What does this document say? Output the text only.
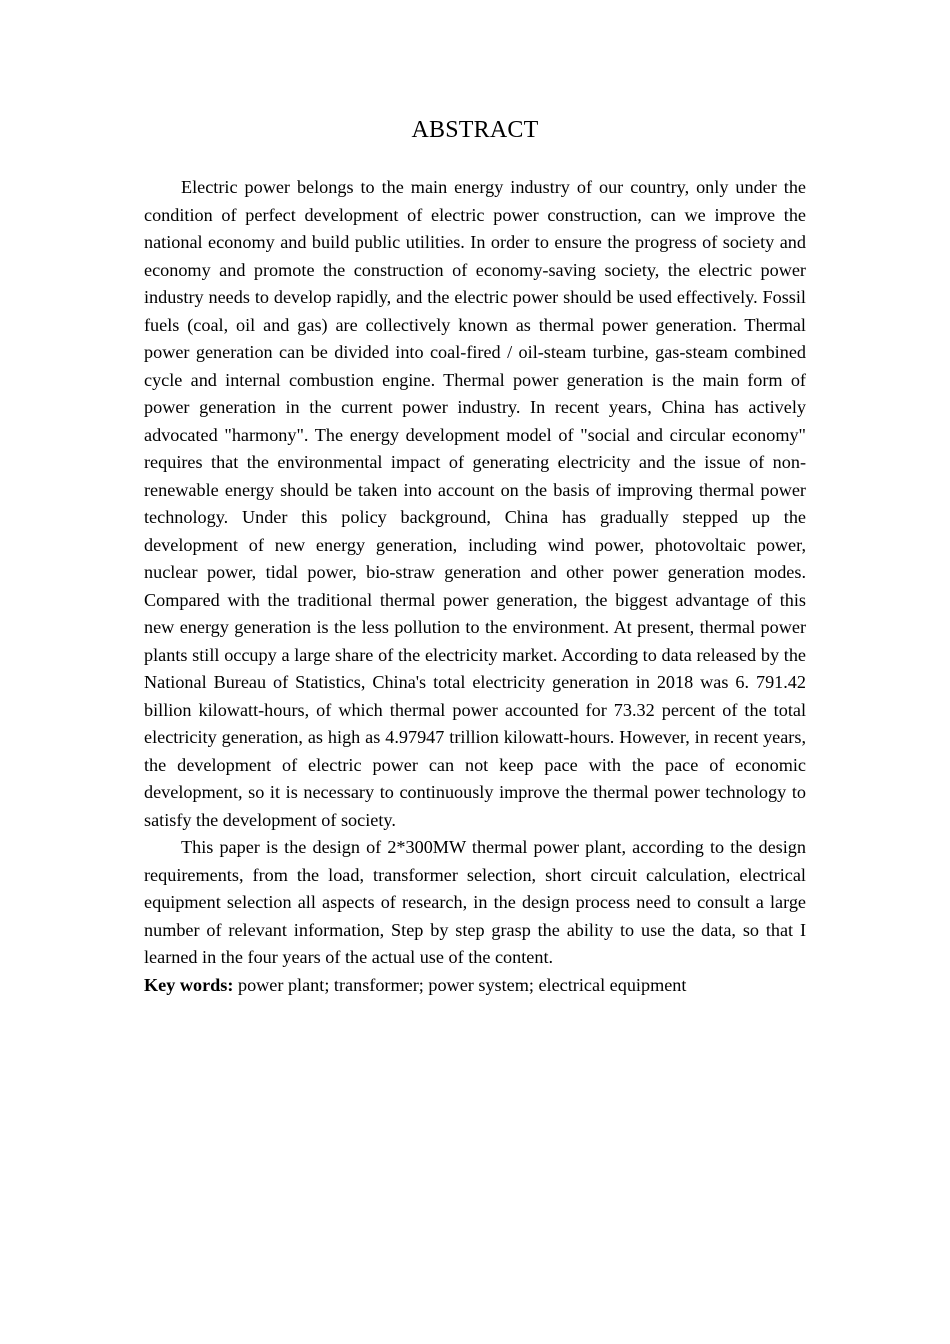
ABSTRACT

Electric power belongs to the main energy industry of our country, only under the condition of perfect development of electric power construction, can we improve the national economy and build public utilities. In order to ensure the progress of society and economy and promote the construction of economy-saving society, the electric power industry needs to develop rapidly, and the electric power should be used effectively. Fossil fuels (coal, oil and gas) are collectively known as thermal power generation. Thermal power generation can be divided into coal-fired / oil-steam turbine, gas-steam combined cycle and internal combustion engine. Thermal power generation is the main form of power generation in the current power industry. In recent years, China has actively advocated "harmony". The energy development model of "social and circular economy" requires that the environmental impact of generating electricity and the issue of non-renewable energy should be taken into account on the basis of improving thermal power technology. Under this policy background, China has gradually stepped up the development of new energy generation, including wind power, photovoltaic power, nuclear power, tidal power, bio-straw generation and other power generation modes. Compared with the traditional thermal power generation, the biggest advantage of this new energy generation is the less pollution to the environment. At present, thermal power plants still occupy a large share of the electricity market. According to data released by the National Bureau of Statistics, China's total electricity generation in 2018 was 6. 791.42 billion kilowatt-hours, of which thermal power accounted for 73.32 percent of the total electricity generation, as high as 4.97947 trillion kilowatt-hours. However, in recent years, the development of electric power can not keep pace with the pace of economic development, so it is necessary to continuously improve the thermal power technology to satisfy the development of society.

This paper is the design of 2*300MW thermal power plant, according to the design requirements, from the load, transformer selection, short circuit calculation, electrical equipment selection all aspects of research, in the design process need to consult a large number of relevant information, Step by step grasp the ability to use the data, so that I learned in the four years of the actual use of the content.

Key words: power plant; transformer; power system; electrical equipment
